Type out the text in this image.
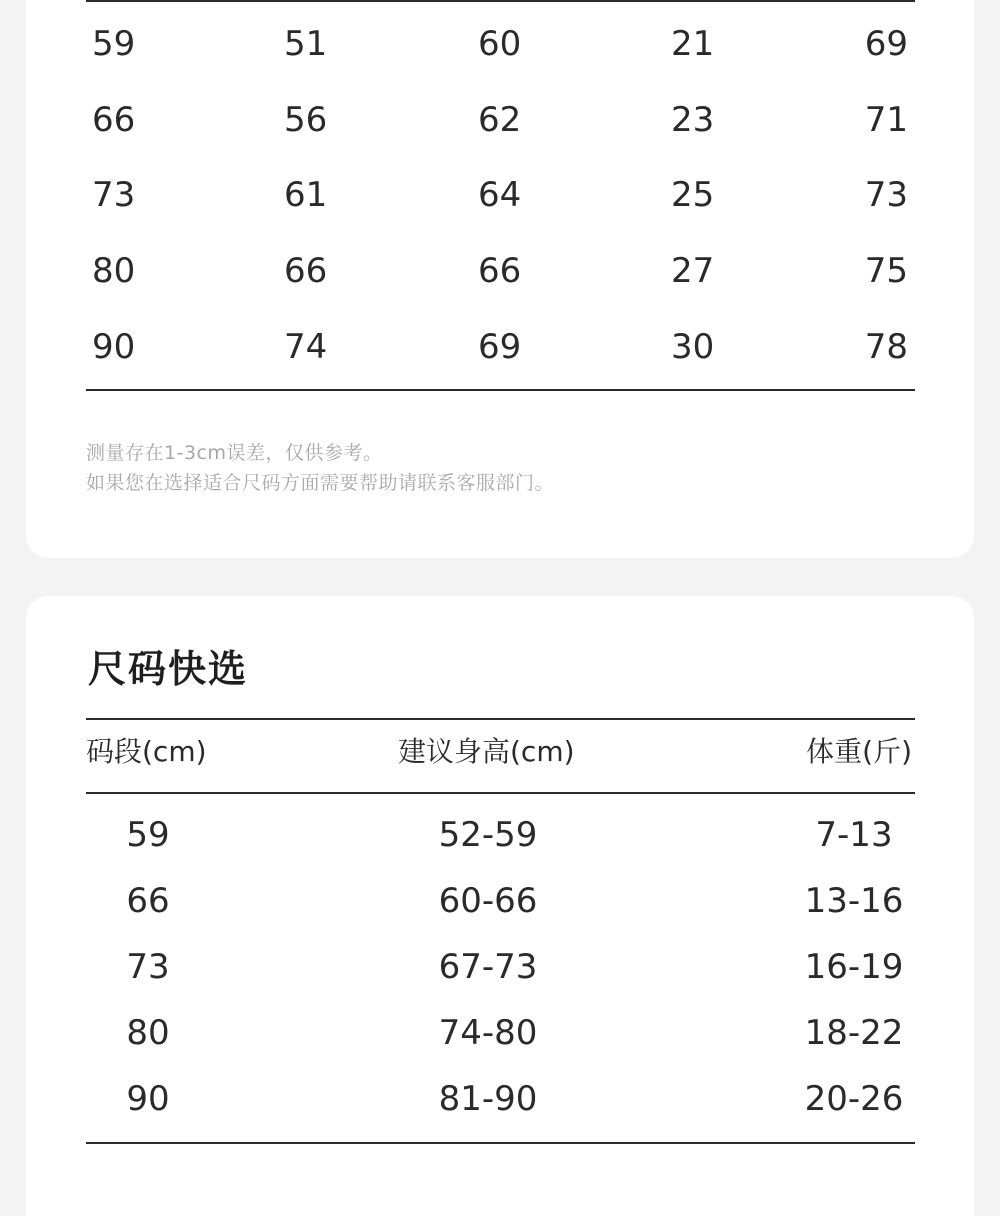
59	51	60	21	69
66	56	62	23	71
73	61	64	25	73
80	66	66	27	75
90	74	69	30	78
测量存在1-3cm误差，仅供参考。
如果您在选择适合尺码方面需要帮助请联系客服部门。
尺码快选
码段(cm)	建议身高(cm)	体重(斤)
59	52-59	7-13
66	60-66	13-16
73	67-73	16-19
80	74-80	18-22
90	81-90	20-26
